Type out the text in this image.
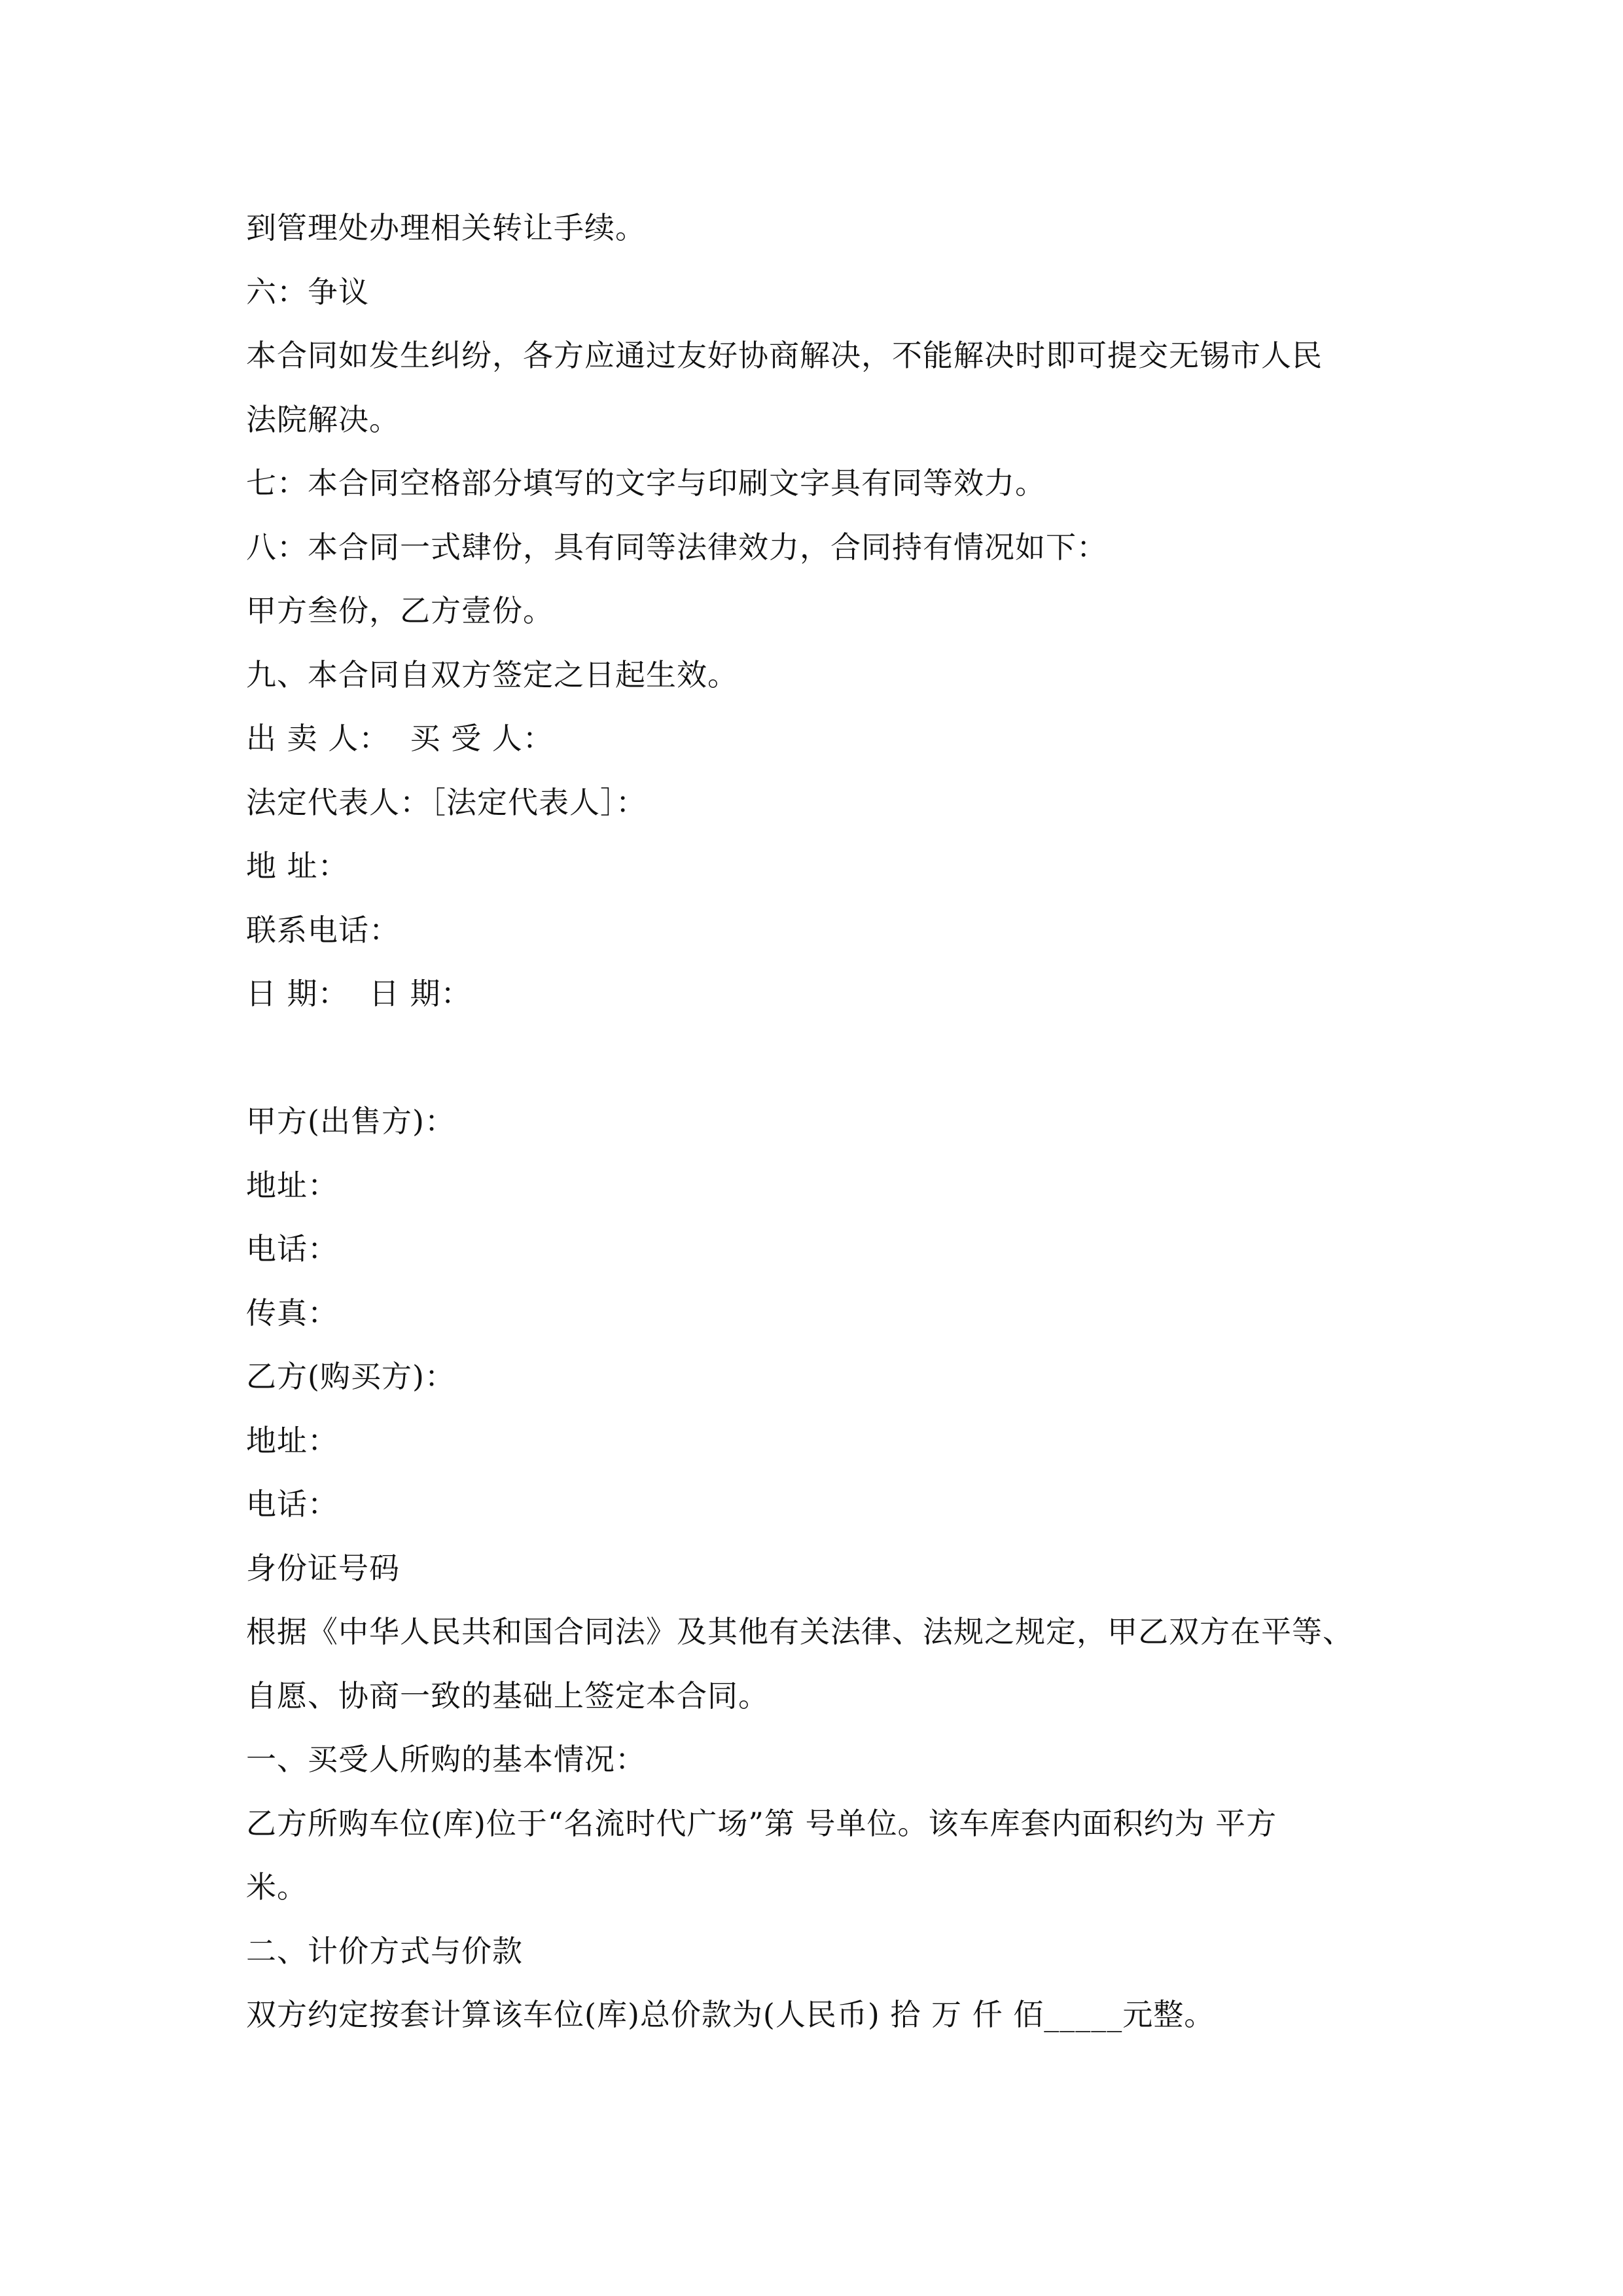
到管理处办理相关转让手续。
六：争议
本合同如发生纠纷，各方应通过友好协商解决，不能解决时即可提交无锡市人民
法院解决。
七：本合同空格部分填写的文字与印刷文字具有同等效力。
八：本合同一式肆份，具有同等法律效力，合同持有情况如下：
甲方叁份，乙方壹份。
九、本合同自双方签定之日起生效。
出 卖 人：  买 受 人：
法定代表人：［法定代表人］：
地 址：
联系电话：
日 期：  日 期：
甲方(出售方)：
地址：
电话：
传真：
乙方(购买方)：
地址：
电话：
身份证号码
根据《中华人民共和国合同法》及其他有关法律、法规之规定，甲乙双方在平等、
自愿、协商一致的基础上签定本合同。
一、买受人所购的基本情况：
乙方所购车位(库)位于“名流时代广场”第 号单位。该车库套内面积约为 平方
米。
二、计价方式与价款
双方约定按套计算该车位(库)总价款为(人民币) 拾 万 仟 佰_____元整。
